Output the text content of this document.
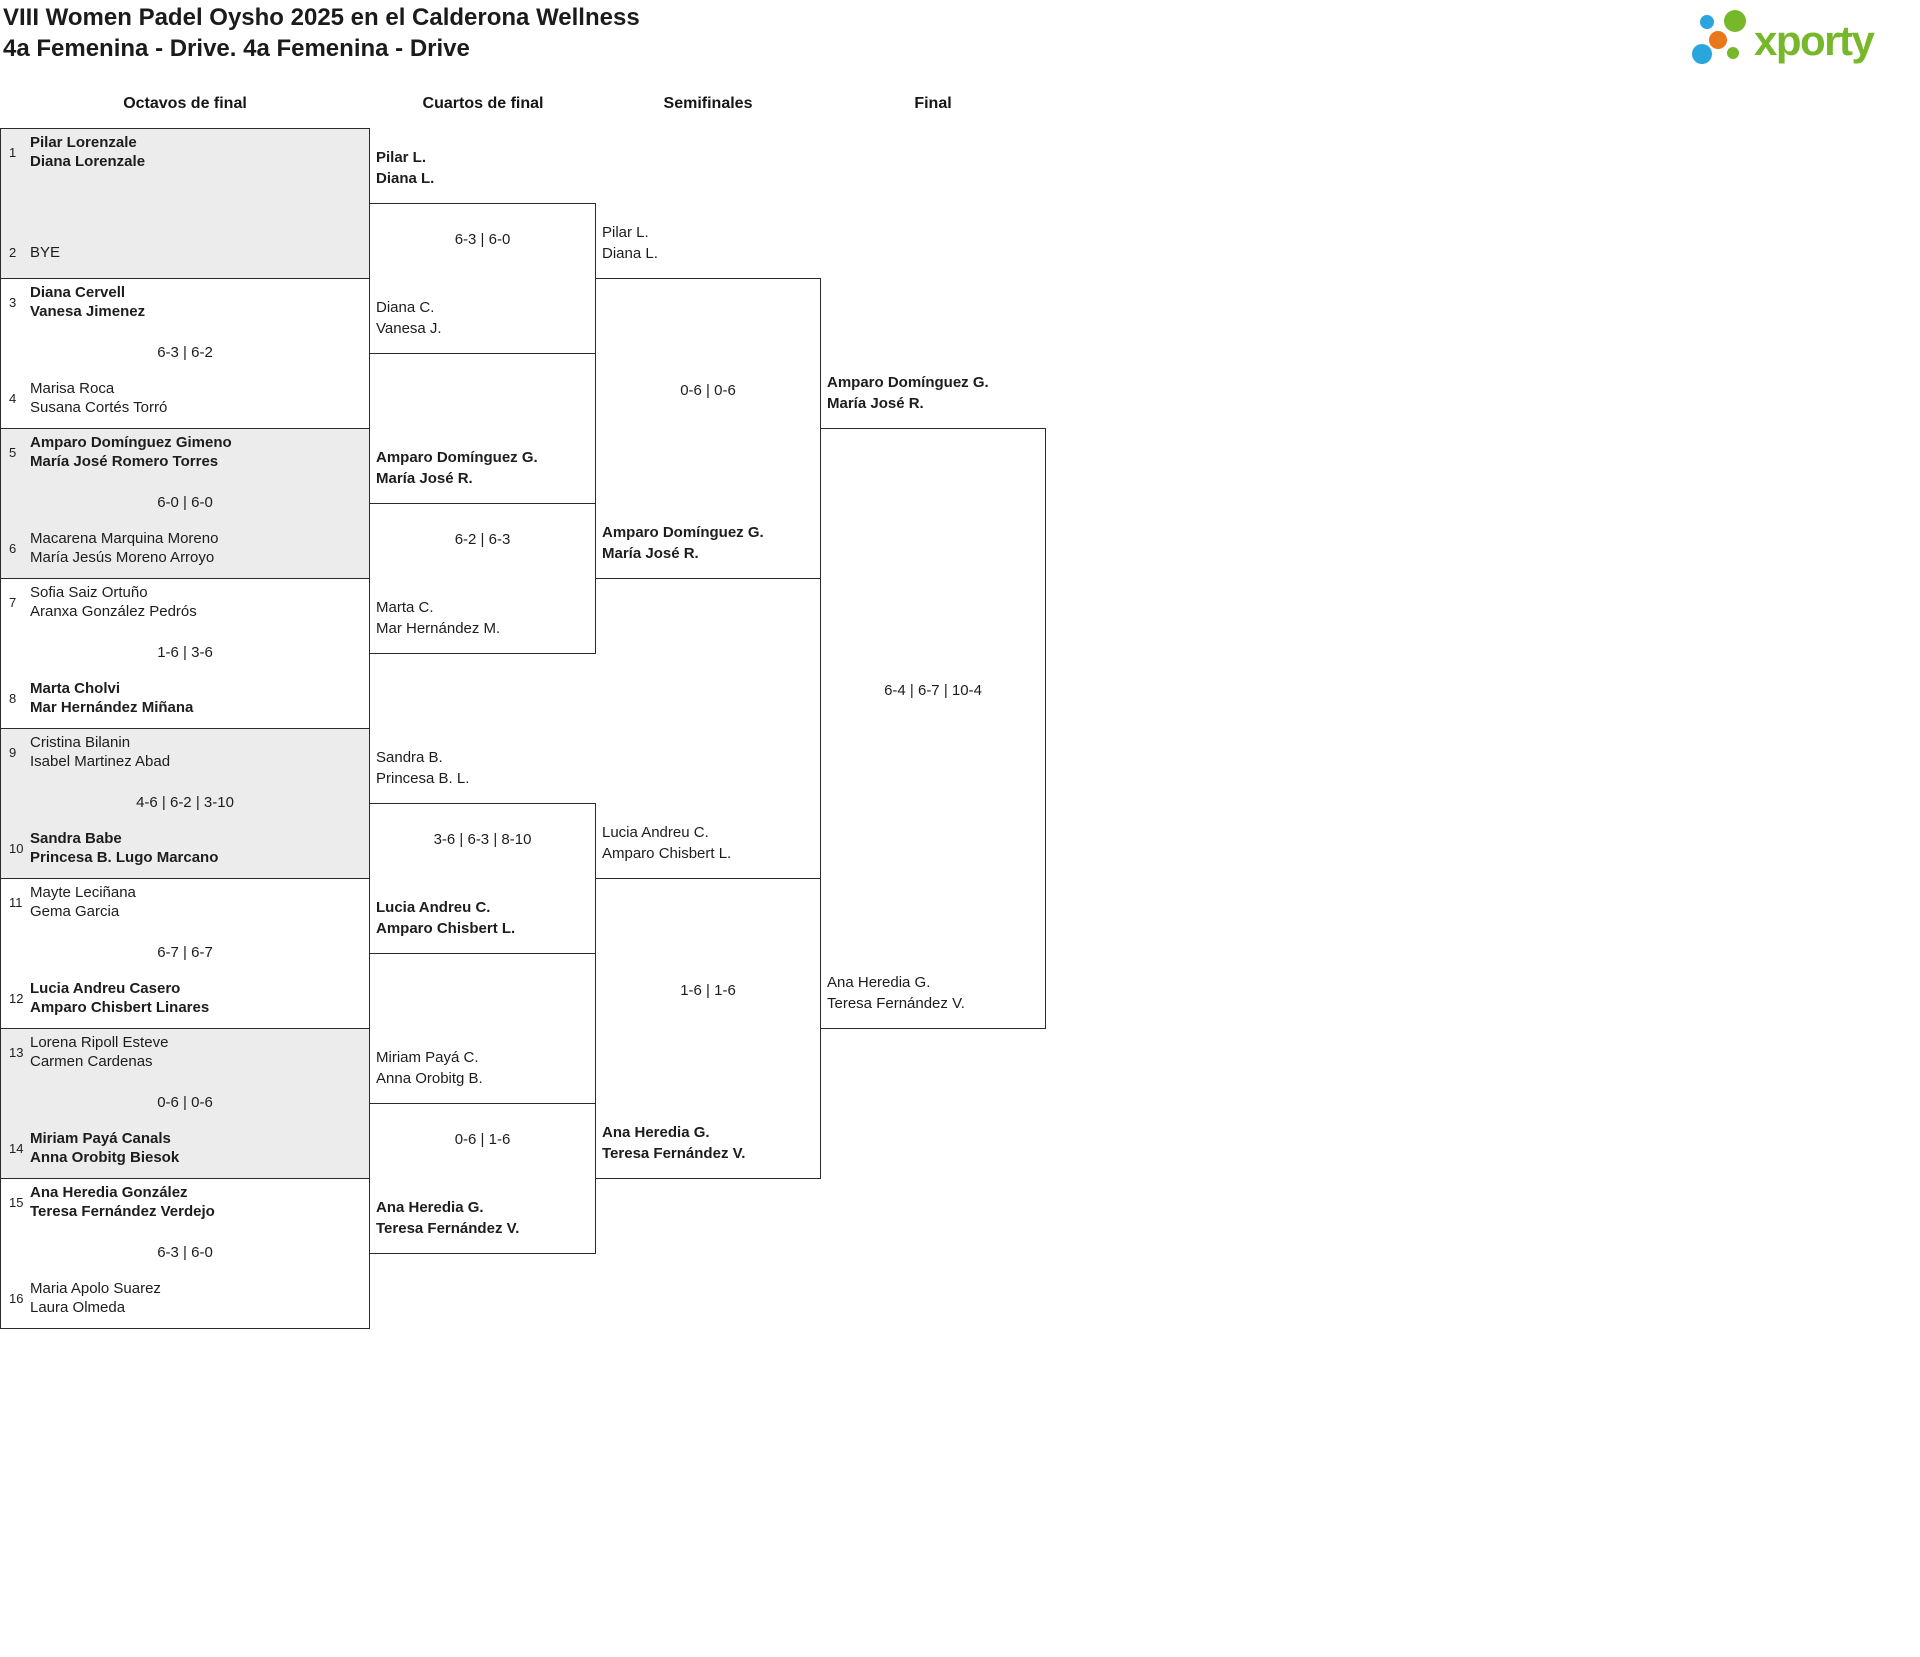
VIII Women Padel Oysho 2025 en el Calderona Wellness
4a Femenina - Drive. 4a Femenina - Drive	xporty
Octavos de final	Cuartos de final	Semifinales	Final
1
Pilar Lorenzale
Diana Lorenzale
2 BYE
3
Diana Cervell
Vanesa Jimenez
6-3 | 6-2
4
Marisa Roca
Susana Cortés Torró
5
Amparo Domínguez Gimeno
María José Romero Torres
6-0 | 6-0
6
Macarena Marquina Moreno
María Jesús Moreno Arroyo
7
Sofia Saiz Ortuño
Aranxa González Pedrós
1-6 | 3-6
8
Marta Cholvi
Mar Hernández Miñana
9
Cristina Bilanin
Isabel Martinez Abad
4-6 | 6-2 | 3-10
10
Sandra Babe
Princesa B. Lugo Marcano
11
Mayte Leciñana
Gema Garcia
6-7 | 6-7
12
Lucia Andreu Casero
Amparo Chisbert Linares
13
Lorena Ripoll Esteve
Carmen Cardenas
0-6 | 0-6
14
Miriam Payá Canals
Anna Orobitg Biesok
15
Ana Heredia González
Teresa Fernández Verdejo
6-3 | 6-0
16
Maria Apolo Suarez
Laura Olmeda
Pilar L.
Diana L.
6-3 | 6-0
Diana C.
Vanesa J.
Amparo Domínguez G.
María José R.
6-2 | 6-3
Marta C.
Mar Hernández M.
Sandra B.
Princesa B. L.
3-6 | 6-3 | 8-10
Lucia Andreu C.
Amparo Chisbert L.
Miriam Payá C.
Anna Orobitg B.
0-6 | 1-6
Ana Heredia G.
Teresa Fernández V.
Pilar L.
Diana L.
0-6 | 0-6
Amparo Domínguez G.
María José R.
Lucia Andreu C.
Amparo Chisbert L.
1-6 | 1-6
Ana Heredia G.
Teresa Fernández V.
Amparo Domínguez G.
María José R.
6-4 | 6-7 | 10-4
Ana Heredia G.
Teresa Fernández V.
